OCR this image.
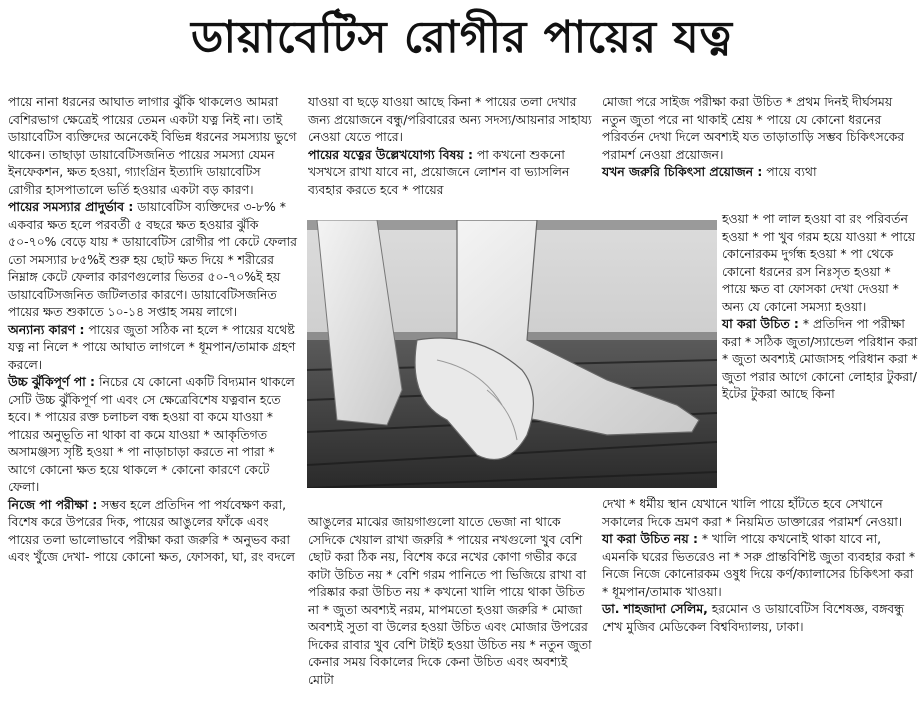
ডায়াবেটিস রোগীর পায়ের যত্ন

পায়ে নানা ধরনের আঘাত লাগার ঝুঁকি থাকলেও আমরা বেশিরভাগ ক্ষেত্রেই পায়ের তেমন একটা যত্ন নিই না। তাই ডায়াবেটিস ব্যক্তিদের অনেকেই বিভিন্ন ধরনের সমস্যায় ভুগে থাকেন। তাছাড়া ডায়াবেটিসজনিত পায়ের সমস্যা যেমন ইনফেকশন, ক্ষত হওয়া, গ্যাংগ্রিন ইত্যাদি ডায়াবেটিস রোগীর হাসপাতালে ভর্তি হওয়ার একটা বড় কারণ।

পায়ের সমস্যার প্রাদুর্ভাব : ডায়াবেটিস ব্যক্তিদের ৩-৮% * একবার ক্ষত হলে পরবর্তী ৫ বছরে ক্ষত হওয়ার ঝুঁকি ৫০-৭০% বেড়ে যায় * ডায়াবেটিস রোগীর পা কেটে ফেলার তো সমস্যার ৮৫%ই শুরু হয় ছোট ক্ষত দিয়ে * শরীরের নিম্নাঙ্গ কেটে ফেলার কারণগুলোর ভিতর ৫০-৭০%ই হয় ডায়াবেটিসজনিত জটিলতার কারণে। ডায়াবেটিসজনিত পায়ের ক্ষত শুকাতে ১০-১৪ সপ্তাহ সময় লাগে।

অন্যান্য কারণ : পায়ের জুতা সঠিক না হলে * পায়ের যথেষ্ট যত্ন না নিলে * পায়ে আঘাত লাগলে * ধূমপান/তামাক গ্রহণ করলে।

উচ্চ ঝুঁকিপূর্ণ পা : নিচের যে কোনো একটি বিদ্যমান থাকলে সেটি উচ্চ ঝুঁকিপূর্ণ পা এবং সে ক্ষেত্রেবিশেষ যত্নবান হতে হবে। * পায়ের রক্ত চলাচল বন্ধ হওয়া বা কমে যাওয়া * পায়ের অনুভূতি না থাকা বা কমে যাওয়া * আকৃতিগত অসামঞ্জস্য সৃষ্টি হওয়া * পা নাড়াচাড়া করতে না পারা * আগে কোনো ক্ষত হয়ে থাকলে * কোনো কারণে কেটে ফেলা।

নিজে পা পরীক্ষা : সম্ভব হলে প্রতিদিন পা পর্যবেক্ষণ করা, বিশেষ করে উপরের দিক, পায়ের আঙুলের ফাঁকে এবং পায়ের তলা ভালোভাবে পরীক্ষা করা জরুরি * অনুভব করা এবং খুঁজে দেখা- পায়ে কোনো ক্ষত, ফোসকা, ঘা, রং বদলে

যাওয়া বা ছড়ে যাওয়া আছে কিনা * পায়ের তলা দেখার জন্য প্রয়োজনে বন্ধু/পরিবারের অন্য সদস্য/আয়নার সাহায্য নেওয়া যেতে পারে।

পায়ের যত্নের উল্লেখযোগ্য বিষয় : পা কখনো শুকনো খসখসে রাখা যাবে না, প্রয়োজনে লোশন বা ভ্যাসলিন ব্যবহার করতে হবে * পায়ের

আঙুলের মাঝের জায়গাগুলো যাতে ভেজা না থাকে সেদিকে খেয়াল রাখা জরুরি * পায়ের নখগুলো খুব বেশি ছোট করা ঠিক নয়, বিশেষ করে নখের কোণা গভীর করে কাটা উচিত নয় * বেশি গরম পানিতে পা ভিজিয়ে রাখা বা পরিষ্কার করা উচিত নয় * কখনো খালি পায়ে থাকা উচিত না * জুতা অবশ্যই নরম, মাপমতো হওয়া জরুরি * মোজা অবশ্যই সুতা বা উলের হওয়া উচিত এবং মোজার উপরের দিকের রাবার খুব বেশি টাইট হওয়া উচিত নয় * নতুন জুতা কেনার সময় বিকালের দিকে কেনা উচিত এবং অবশ্যই মোটা

মোজা পরে সাইজ পরীক্ষা করা উচিত * প্রথম দিনই দীর্ঘসময় নতুন জুতা পরে না থাকাই শ্রেয় * পায়ে যে কোনো ধরনের পরিবর্তন দেখা দিলে অবশ্যই যত তাড়াতাড়ি সম্ভব চিকিৎসকের পরামর্শ নেওয়া প্রয়োজন।

যখন জরুরি চিকিৎসা প্রয়োজন : পায়ে ব্যথা

হওয়া * পা লাল হওয়া বা রং পরিবর্তন হওয়া * পা খুব গরম হয়ে যাওয়া * পায়ে কোনোরকম দুর্গন্ধ হওয়া * পা থেকে কোনো ধরনের রস নিঃসৃত হওয়া * পায়ে ক্ষত বা ফোসকা দেখা দেওয়া * অন্য যে কোনো সমস্যা হওয়া।

যা করা উচিত : * প্রতিদিন পা পরীক্ষা করা * সঠিক জুতা/স্যান্ডেল পরিধান করা * জুতা অবশ্যই মোজাসহ পরিধান করা * জুতা পরার আগে কোনো লোহার টুকরা/ ইটের টুকরা আছে কিনা

দেখা * ধর্মীয় স্থান যেখানে খালি পায়ে হাঁটতে হবে সেখানে সকালের দিকে ভ্রমণ করা * নিয়মিত ডাক্তারের পরামর্শ নেওয়া।

যা করা উচিত নয় : * খালি পায়ে কখনোই থাকা যাবে না, এমনকি ঘরের ভিতরেও না * সরু প্রান্তবিশিষ্ট জুতা ব্যবহার করা * নিজে নিজে কোনোরকম ওষুধ দিয়ে কর্ণ/ক্যালাসের চিকিৎসা করা * ধূমপান/তামাক খাওয়া।

ডা. শাহজাদা সেলিম, হরমোন ও ডায়াবেটিস বিশেষজ্ঞ, বঙ্গবন্ধু শেখ মুজিব মেডিকেল বিশ্ববিদ্যালয়, ঢাকা।
